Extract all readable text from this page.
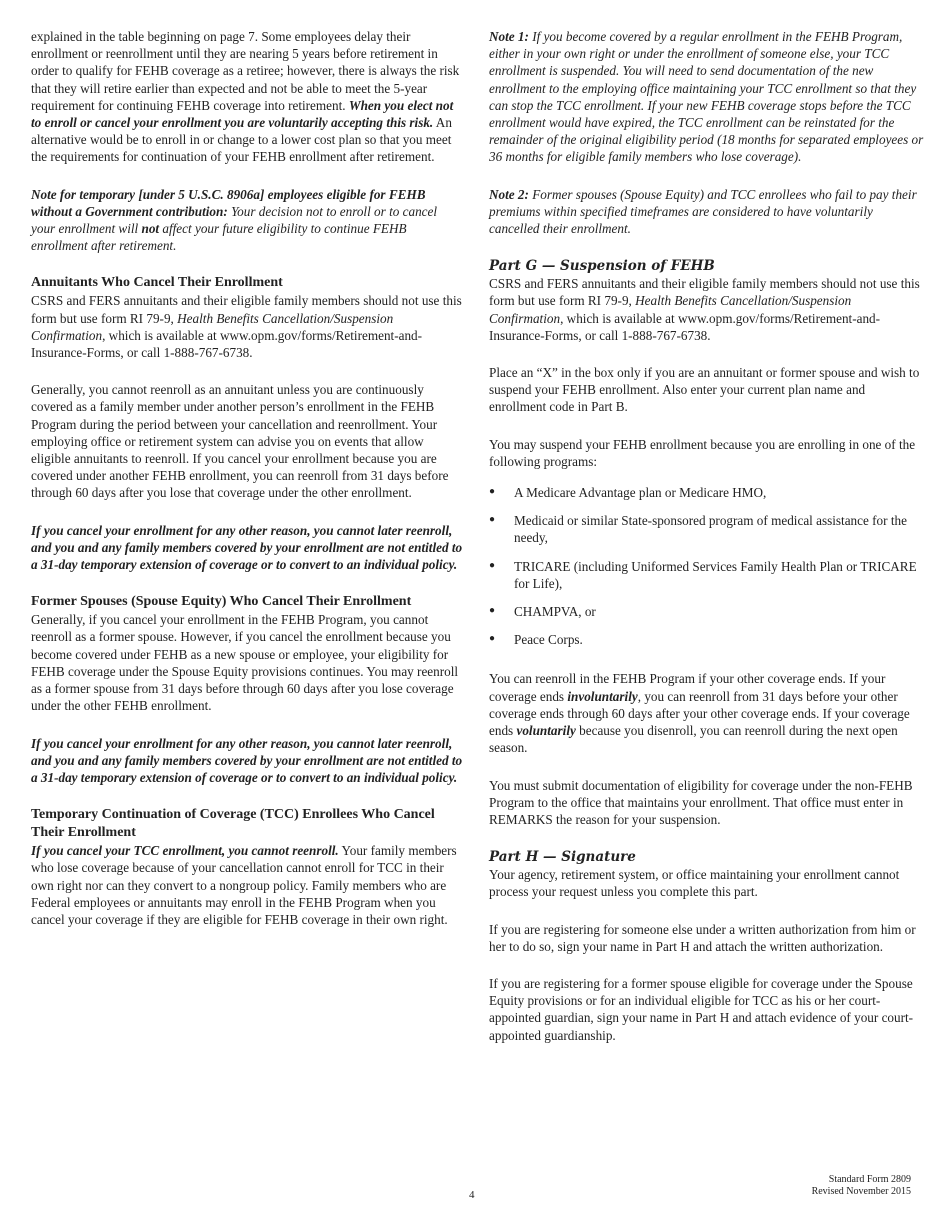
explained in the table beginning on page 7. Some employees delay their enrollment or reenrollment until they are nearing 5 years before retirement in order to qualify for FEHB coverage as a retiree; however, there is always the risk that they will retire earlier than expected and not be able to meet the 5-year requirement for continuing FEHB coverage into retirement. When you elect not to enroll or cancel your enrollment you are voluntarily accepting this risk. An alternative would be to enroll in or change to a lower cost plan so that you meet the requirements for continuation of your FEHB enrollment after retirement.

Note for temporary [under 5 U.S.C. 8906a] employees eligible for FEHB without a Government contribution: Your decision not to enroll or to cancel your enrollment will not affect your future eligibility to continue FEHB enrollment after retirement.

Annuitants Who Cancel Their Enrollment

CSRS and FERS annuitants and their eligible family members should not use this form but use form RI 79-9, Health Benefits Cancellation/Suspension Confirmation, which is available at www.opm.gov/forms/Retirement-and-Insurance-Forms, or call 1-888-767-6738.

Generally, you cannot reenroll as an annuitant unless you are continuously covered as a family member under another person’s enrollment in the FEHB Program during the period between your cancellation and reenrollment. Your employing office or retirement system can advise you on events that allow eligible annuitants to reenroll. If you cancel your enrollment because you are covered under another FEHB enrollment, you can reenroll from 31 days before through 60 days after you lose that coverage under the other enrollment.

If you cancel your enrollment for any other reason, you cannot later reenroll, and you and any family members covered by your enrollment are not entitled to a 31-day temporary extension of coverage or to convert to an individual policy.

Former Spouses (Spouse Equity) Who Cancel Their Enrollment

Generally, if you cancel your enrollment in the FEHB Program, you cannot reenroll as a former spouse. However, if you cancel the enrollment because you become covered under FEHB as a new spouse or employee, your eligibility for FEHB coverage under the Spouse Equity provisions continues. You may reenroll as a former spouse from 31 days before through 60 days after you lose coverage under the other FEHB enrollment.

If you cancel your enrollment for any other reason, you cannot later reenroll, and you and any family members covered by your enrollment are not entitled to a 31-day temporary extension of coverage or to convert to an individual policy.

Temporary Continuation of Coverage (TCC) Enrollees Who Cancel Their Enrollment

If you cancel your TCC enrollment, you cannot reenroll. Your family members who lose coverage because of your cancellation cannot enroll for TCC in their own right nor can they convert to a nongroup policy. Family members who are Federal employees or annuitants may enroll in the FEHB Program when you cancel your coverage if they are eligible for FEHB coverage in their own right.

Note 1: If you become covered by a regular enrollment in the FEHB Program, either in your own right or under the enrollment of someone else, your TCC enrollment is suspended. You will need to send documentation of the new enrollment to the employing office maintaining your TCC enrollment so that they can stop the TCC enrollment. If your new FEHB coverage stops before the TCC enrollment would have expired, the TCC enrollment can be reinstated for the remainder of the original eligibility period (18 months for separated employees or 36 months for eligible family members who lose coverage).

Note 2: Former spouses (Spouse Equity) and TCC enrollees who fail to pay their premiums within specified timeframes are considered to have voluntarily cancelled their enrollment.

Part G — Suspension of FEHB

CSRS and FERS annuitants and their eligible family members should not use this form but use form RI 79-9, Health Benefits Cancellation/Suspension Confirmation, which is available at www.opm.gov/forms/Retirement-and-Insurance-Forms, or call 1-888-767-6738.

Place an “X” in the box only if you are an annuitant or former spouse and wish to suspend your FEHB enrollment. Also enter your current plan name and enrollment code in Part B.

You may suspend your FEHB enrollment because you are enrolling in one of the following programs:

● A Medicare Advantage plan or Medicare HMO,
● Medicaid or similar State-sponsored program of medical assistance for the needy,
● TRICARE (including Uniformed Services Family Health Plan or TRICARE for Life),
● CHAMPVA, or
● Peace Corps.

You can reenroll in the FEHB Program if your other coverage ends. If your coverage ends involuntarily, you can reenroll from 31 days before your other coverage ends through 60 days after your other coverage ends. If your coverage ends voluntarily because you disenroll, you can reenroll during the next open season.

You must submit documentation of eligibility for coverage under the non-FEHB Program to the office that maintains your enrollment. That office must enter in REMARKS the reason for your suspension.

Part H — Signature

Your agency, retirement system, or office maintaining your enrollment cannot process your request unless you complete this part.

If you are registering for someone else under a written authorization from him or her to do so, sign your name in Part H and attach the written authorization.

If you are registering for a former spouse eligible for coverage under the Spouse Equity provisions or for an individual eligible for TCC as his or her court-appointed guardian, sign your name in Part H and attach evidence of your court-appointed guardianship.

4
Standard Form 2809
Revised November 2015
